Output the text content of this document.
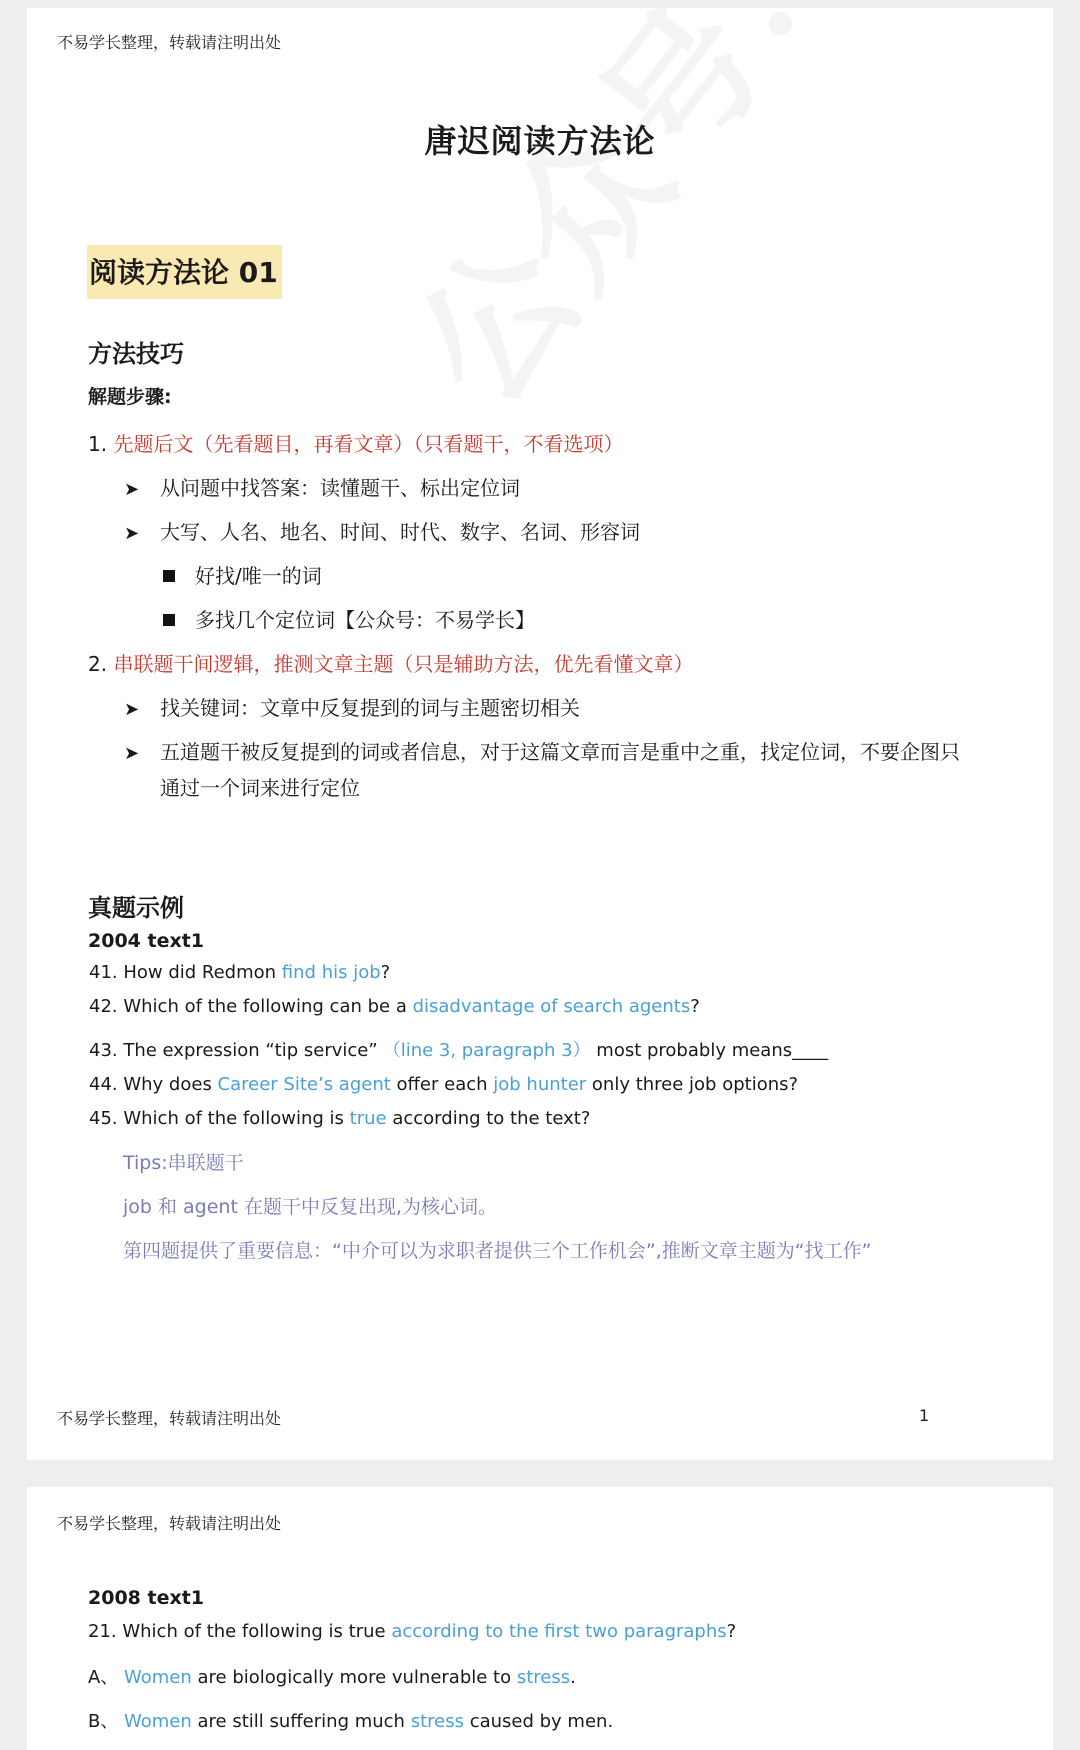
不易学长整理，转载请注明出处
唐迟阅读方法论
阅读方法论 01
方法技巧
解题步骤:
1. 先题后文（先看题目，再看文章）（只看题干，不看选项）
➤ 从问题中找答案：读懂题干、标出定位词
➤ 大写、人名、地名、时间、时代、数字、名词、形容词
好找/唯一的词
多找几个定位词【公众号：不易学长】
2. 串联题干间逻辑，推测文章主题（只是辅助方法，优先看懂文章）
➤ 找关键词：文章中反复提到的词与主题密切相关
➤ 五道题干被反复提到的词或者信息，对于这篇文章而言是重中之重，找定位词，不要企图只
通过一个词来进行定位
真题示例
2004 text1
41. How did Redmon find his job?
42. Which of the following can be a disadvantage of search agents?
43. The expression “tip service” （line 3, paragraph 3） most probably means____
44. Why does Career Site’s agent offer each job hunter only three job options?
45. Which of the following is true according to the text?
Tips:串联题干
job 和 agent 在题干中反复出现,为核心词。
第四题提供了重要信息：“中介可以为求职者提供三个工作机会”,推断文章主题为“找工作”
不易学长整理，转载请注明出处	1
不易学长整理，转载请注明出处
2008 text1
21. Which of the following is true according to the first two paragraphs?
A、 Women are biologically more vulnerable to stress.
B、 Women are still suffering much stress caused by men.
